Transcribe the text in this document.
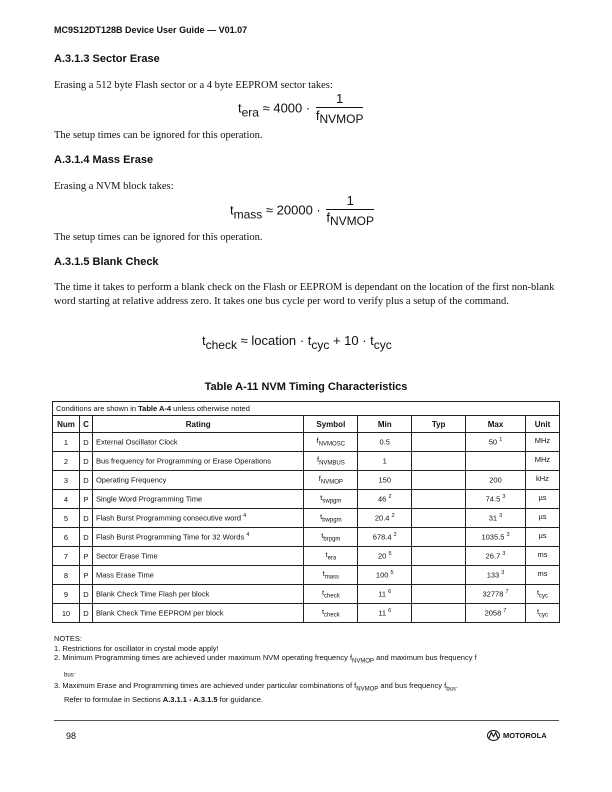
MC9S12DT128B Device User Guide — V01.07
A.3.1.3 Sector Erase
Erasing a 512 byte Flash sector or a 4 byte EEPROM sector takes:
$t_{era} \approx 4000 \cdot \frac{1}{f_{NVMOP}}$
The setup times can be ignored for this operation.
A.3.1.4 Mass Erase
Erasing a NVM block takes:
$t_{mass} \approx 20000 \cdot \frac{1}{f_{NVMOP}}$
The setup times can be ignored for this operation.
A.3.1.5 Blank Check
The time it takes to perform a blank check on the Flash or EEPROM is dependant on the location of the first non-blank word starting at relative address zero. It takes one bus cycle per word to verify plus a setup of the command.
$t_{check}$ ≈ location · $t_{cyc} + 10 \cdot t_{cyc}$
Table A-11 NVM Timing Characteristics
Conditions are shown in Table A-4 unless otherwise noted							
Num	C	Rating	Symbol	Min	Typ	Max	Unit
1	D	External Oscillator Clock	$f_{NVMOSC}$	0.5		50 $^1$	MHz
2	D	Bus frequency for Programming or Erase Operations	$f_{NVMBUS}$	1			MHz
3	D	Operating Frequency	$f_{NVMOP}$	150		200	kHz
4	P	Single Word Programming Time	$t_{swpgm}$	46 $^2$		74.5 $^3$	µs
5	D	Flash Burst Programming consecutive word $^4$	$t_{bwpgm}$	20.4 $^2$		31 $^3$	µs
6	D	Flash Burst Programming Time for 32 Words $^4$	$t_{brpgm}$	678.4 $^2$		1035.5 $^3$	µs
7	P	Sector Erase Time	$t_{era}$	20 $^5$		26.7 $^3$	ms
8	P	Mass Erase Time	$t_{mass}$	100 $^5$		133 $^3$	ms
9	D	Blank Check Time Flash per block	$t_{check}$	11 $^6$		32778 $^7$	$t_{cyc}$
10	D	Blank Check Time EEPROM per block	$t_{check}$	11 $^6$		2058 $^7$	$t_{cyc}$
NOTES:
1. Restrictions for oscillator in crystal mode apply!
2. Minimum Programming times are achieved under maximum NVM operating frequency $f_{NVMOP}$ and maximum bus frequency f
$_{bus}$.
3. Maximum Erase and Programming times are achieved under particular combinations of $f_{NVMOP}$ and bus frequency $f_{bus}$.
Refer to formulae in Sections A.3.1.1 - A.3.1.5 for guidance.
98	MOTOROLA
